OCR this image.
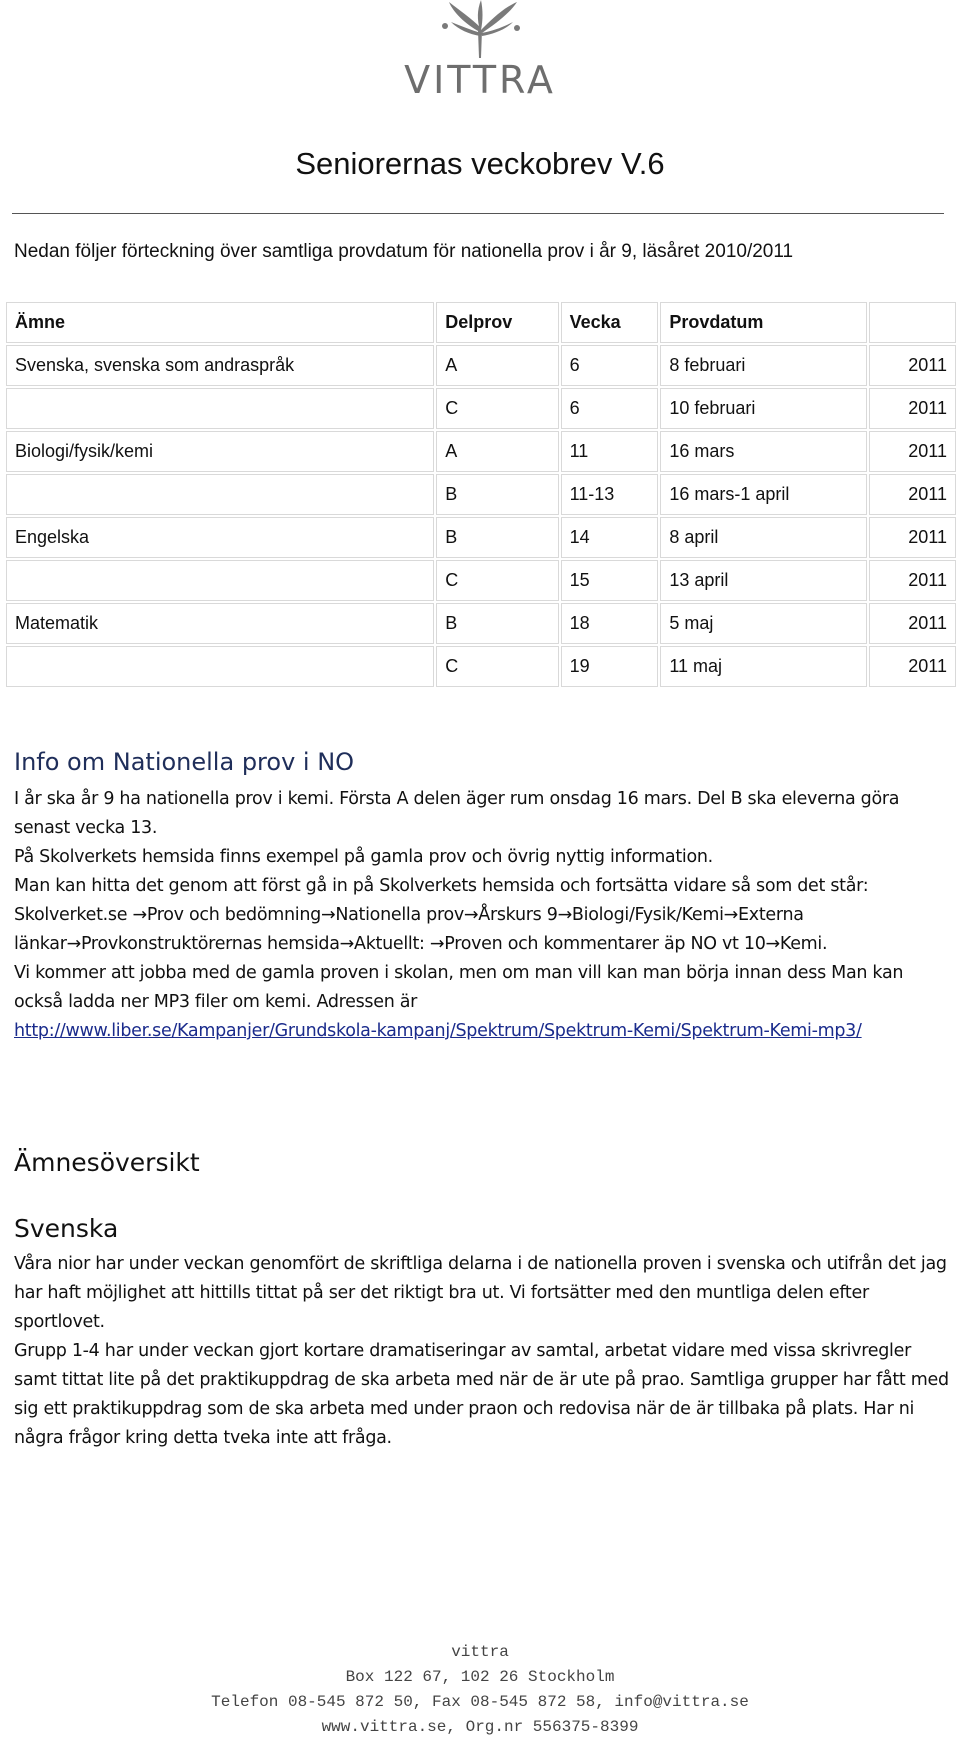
VITTRA
Seniorernas veckobrev V.6
Nedan följer förteckning över samtliga provdatum för nationella prov i år 9, läsåret 2010/2011
Ämne	Delprov	Vecka	Provdatum	
Svenska, svenska som andraspråk	A	6	8 februari	2011
	C	6	10 februari	2011
Biologi/fysik/kemi	A	11	16 mars	2011
	B	11-13	16 mars-1 april	2011
Engelska	B	14	8 april	2011
	C	15	13 april	2011
Matematik	B	18	5 maj	2011
	C	19	11 maj	2011
Info om Nationella prov i NO

I år ska år 9 ha nationella prov i kemi. Första A delen äger rum onsdag 16 mars. Del B ska eleverna göra senast vecka 13.

På Skolverkets hemsida finns exempel på gamla prov och övrig nyttig information.

Man kan hitta det genom att först gå in på Skolverkets hemsida och fortsätta vidare så som det står: Skolverket.se →Prov och bedömning→Nationella prov→Årskurs 9→Biologi/Fysik/Kemi→Externa länkar→Provkonstruktörernas hemsida→Aktuellt: →Proven och kommentarer äp NO vt 10→Kemi.

Vi kommer att jobba med de gamla proven i skolan, men om man vill kan man börja innan dess Man kan också ladda ner MP3 filer om kemi. Adressen är

http://www.liber.se/Kampanjer/Grundskola-kampanj/Spektrum/Spektrum-Kemi/Spektrum-Kemi-mp3/

Ämnesöversikt
Svenska

Våra nior har under veckan genomfört de skriftliga delarna i de nationella proven i svenska och utifrån det jag har haft möjlighet att hittills tittat på ser det riktigt bra ut. Vi fortsätter med den muntliga delen efter sportlovet.

Grupp 1-4 har under veckan gjort kortare dramatiseringar av samtal, arbetat vidare med vissa skrivregler samt tittat lite på det praktikuppdrag de ska arbeta med när de är ute på prao. Samtliga grupper har fått med sig ett praktikuppdrag som de ska arbeta med under praon och redovisa när de är tillbaka på plats. Har ni några frågor kring detta tveka inte att fråga.

vittra
Box 122 67, 102 26 Stockholm
Telefon 08-545 872 50, Fax 08-545 872 58, info@vittra.se
www.vittra.se, Org.nr 556375-8399
